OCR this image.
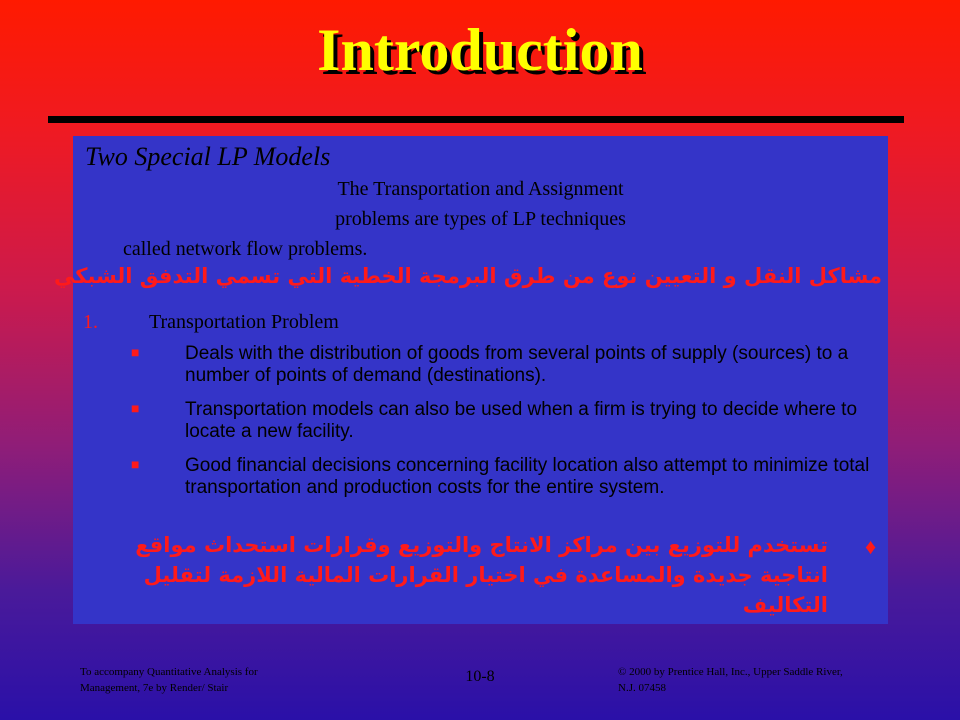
Introduction
Two Special LP Models
The Transportation and Assignment
problems are types of LP techniques
called network flow problems.
مشاكل النقل و التعيين نوع من طرق البرمجة الخطية التي تسمي التدفق الشبكي
1.	Transportation Problem
■ Deals with the distribution of goods from several points of supply (sources) to a number of points of demand (destinations).
■ Transportation models can also be used when a firm is trying to decide where to locate a new facility.
■ Good financial decisions concerning facility location also attempt to minimize total transportation and production costs for the entire system.
♦
تستخدم للتوزيع بين مراكز الانتاج والتوزيع وقرارات استحداث مواقع انتاجية جديدة والمساعدة في اختيار القرارات المالية اللازمة لتقليل التكاليف
To accompany Quantitative Analysis for
Management, 7e by Render/ Stair
10-8	© 2000 by Prentice Hall, Inc., Upper Saddle River,
N.J. 07458
